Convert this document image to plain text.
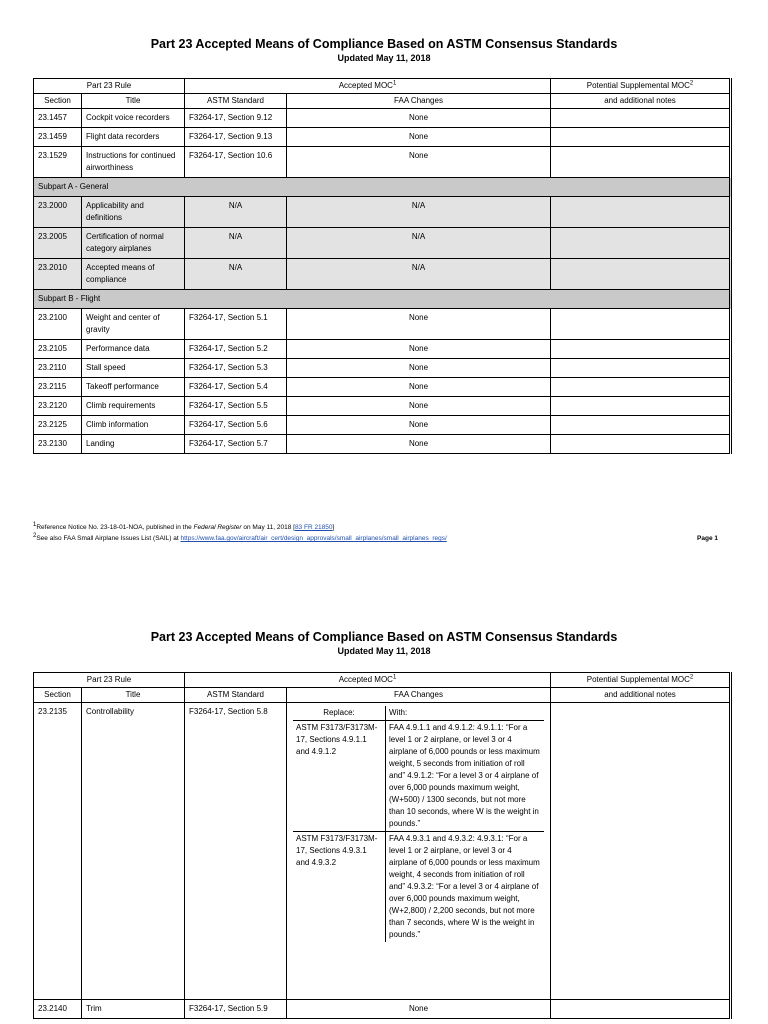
Part 23 Accepted Means of Compliance Based on ASTM Consensus Standards
Updated May 11, 2018
Part 23 Rule		Accepted MOC$^1$		Potential Supplemental MOC$^2$
Section	Title	ASTM Standard	FAA Changes	and additional notes
23.1457	Cockpit voice recorders	F3264-17, Section 9.12	None	
23.1459	Flight data recorders	F3264-17, Section 9.13	None	
23.1529	Instructions for continued airworthiness	F3264-17, Section 10.6	None	
Subpart A - General				
23.2000	Applicability and definitions	N/A	N/A	
23.2005	Certification of normal category airplanes	N/A	N/A	
23.2010	Accepted means of compliance	N/A	N/A	
Subpart B - Flight				
23.2100	Weight and center of gravity	F3264-17, Section 5.1	None	
23.2105	Performance data	F3264-17, Section 5.2	None	
23.2110	Stall speed	F3264-17, Section 5.3	None	
23.2115	Takeoff performance	F3264-17, Section 5.4	None	
23.2120	Climb requirements	F3264-17, Section 5.5	None	
23.2125	Climb information	F3264-17, Section 5.6	None	
23.2130	Landing	F3264-17, Section 5.7	None	
$^1$Reference Notice No. 23-18-01-NOA, published in the Federal Register on May 11, 2018 [83 FR 21850]
$^2$See also FAA Small Airplane Issues List (SAIL) at https://www.faa.gov/aircraft/air_cert/design_approvals/small_airplanes/small_airplanes_regs/	Page 1
Part 23 Accepted Means of Compliance Based on ASTM Consensus Standards
Updated May 11, 2018
Part 23 Rule	Accepted MOC$^1$	Potential Supplemental MOC$^2$
Section	Title	ASTM Standard	FAA Changes	and additional notes
23.2135	Controllability	F3264-17, Section 5.8		Replace:	With:
ASTM F3173/F3173M-17, Sections 4.9.1.1 and 4.9.1.2	FAA 4.9.1.1 and 4.9.1.2: 4.9.1.1: “For a level 1 or 2 airplane, or level 3 or 4 airplane of 6,000 pounds or less maximum weight, 5 seconds from initiation of roll and” 4.9.1.2: “For a level 3 or 4 airplane of over 6,000 pounds maximum weight, (W+500) / 1300 seconds, but not more than 10 seconds, where W is the weight in pounds.”
ASTM F3173/F3173M-17, Sections 4.9.3.1 and 4.9.3.2	FAA 4.9.3.1 and 4.9.3.2: 4.9.3.1: “For a level 1 or 2 airplane, or level 3 or 4 airplane of 6,000 pounds or less maximum weight, 4 seconds from initiation of roll and” 4.9.3.2: “For a level 3 or 4 airplane of over 6,000 pounds maximum weight, (W+2,800) / 2,200 seconds, but not more than 7 seconds, where W is the weight in pounds.”

23.2140	Trim	F3264-17, Section 5.9	None	
